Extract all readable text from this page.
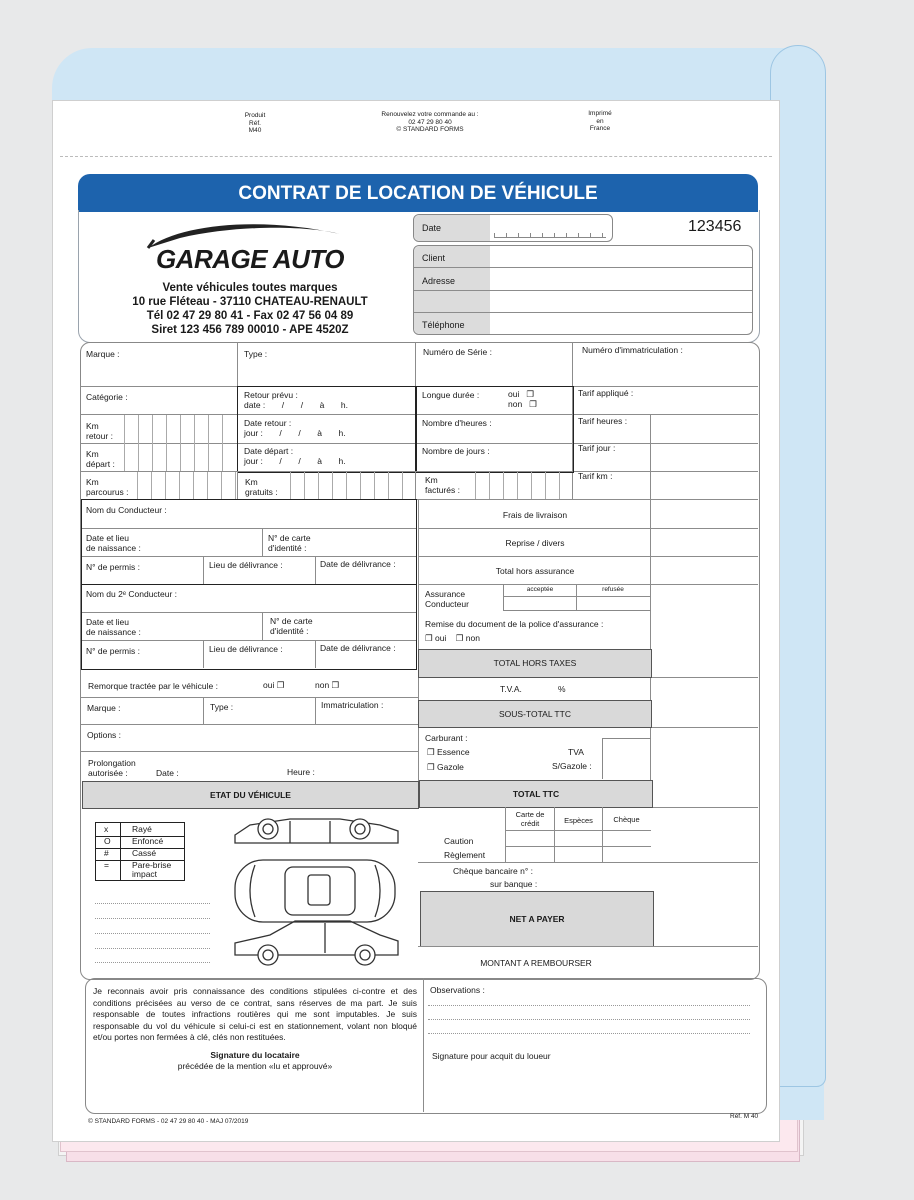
Produit
Réf.
M40
Renouvelez votre commande au :
02 47 29 80 40
© STANDARD FORMS
Imprimé
en
France
CONTRAT DE LOCATION DE VÉHICULE
GARAGE AUTO
Vente véhicules toutes marques
10 rue Fléteau - 37110 CHATEAU-RENAULT
Tél 02 47 29 80 41 - Fax 02 47 56 04 89
Siret 123 456 789 00010 - APE 4520Z
Date	123456
Client
Adresse
Téléphone
Marque :	Type :	Numéro de Série :	Numéro d'immatriculation :
Catégorie :	Retour prévu :
date :       /       /       à       h.
Longue durée :	oui   ❐
non   ❐
Tarif appliqué :
Km
retour :
Date retour :
jour :       /       /       à       h.
Nombre d'heures :	Tarif heures :
Km
départ :
Date départ :
jour :       /       /       à       h.
Nombre de jours :	Tarif jour :
Km
parcourus :
Km
gratuits :
Km
facturés :
Tarif km :
Nom du Conducteur :
Date et lieu
de naissance :
N° de carte
d'identité :
N° de permis :	Lieu de délivrance :	Date de délivrance :
Nom du 2ᵉ Conducteur :
Date et lieu
de naissance :
N° de carte
d'identité :
N° de permis :	Lieu de délivrance :	Date de délivrance :
Frais de livraison
Reprise / divers
Total hors assurance
Assurance
Conducteur
acceptée	refusée
Remise du document de la police d'assurance :
❐ oui    ❐ non
TOTAL HORS TAXES
T.V.A.	%
SOUS-TOTAL TTC
Carburant :
❐ Essence
❐ Gazole
TVA
S/Gazole :
TOTAL TTC
Carte de
crédit	Espèces	Chèque
Caution
Règlement
Chèque bancaire n° :
sur banque :
NET A PAYER
MONTANT A REMBOURSER
Remorque tractée par le véhicule :	oui ❐	non ❐
Marque :	Type :	Immatriculation :
Options :
Prolongation
autorisée :	Date :	Heure :
ETAT DU VÉHICULE
x	Rayé
O	Enfoncé
#	Cassé
=	Pare-brise impact
Je reconnais avoir pris connaissance des conditions stipulées ci-contre et des conditions précisées au verso de ce contrat, sans réserves de ma part. Je suis responsable de toutes infractions routières qui me sont imputables. Je suis responsable du vol du véhicule si celui-ci est en stationnement, volant non bloqué et/ou portes non fermées à clé, clés non restituées.
Signature du locataire
précédée de la mention «lu et approuvé»
Observations :
Signature pour acquit du loueur
© STANDARD FORMS - 02 47 29 80 40 - MAJ 07/2019
Réf. M 40
